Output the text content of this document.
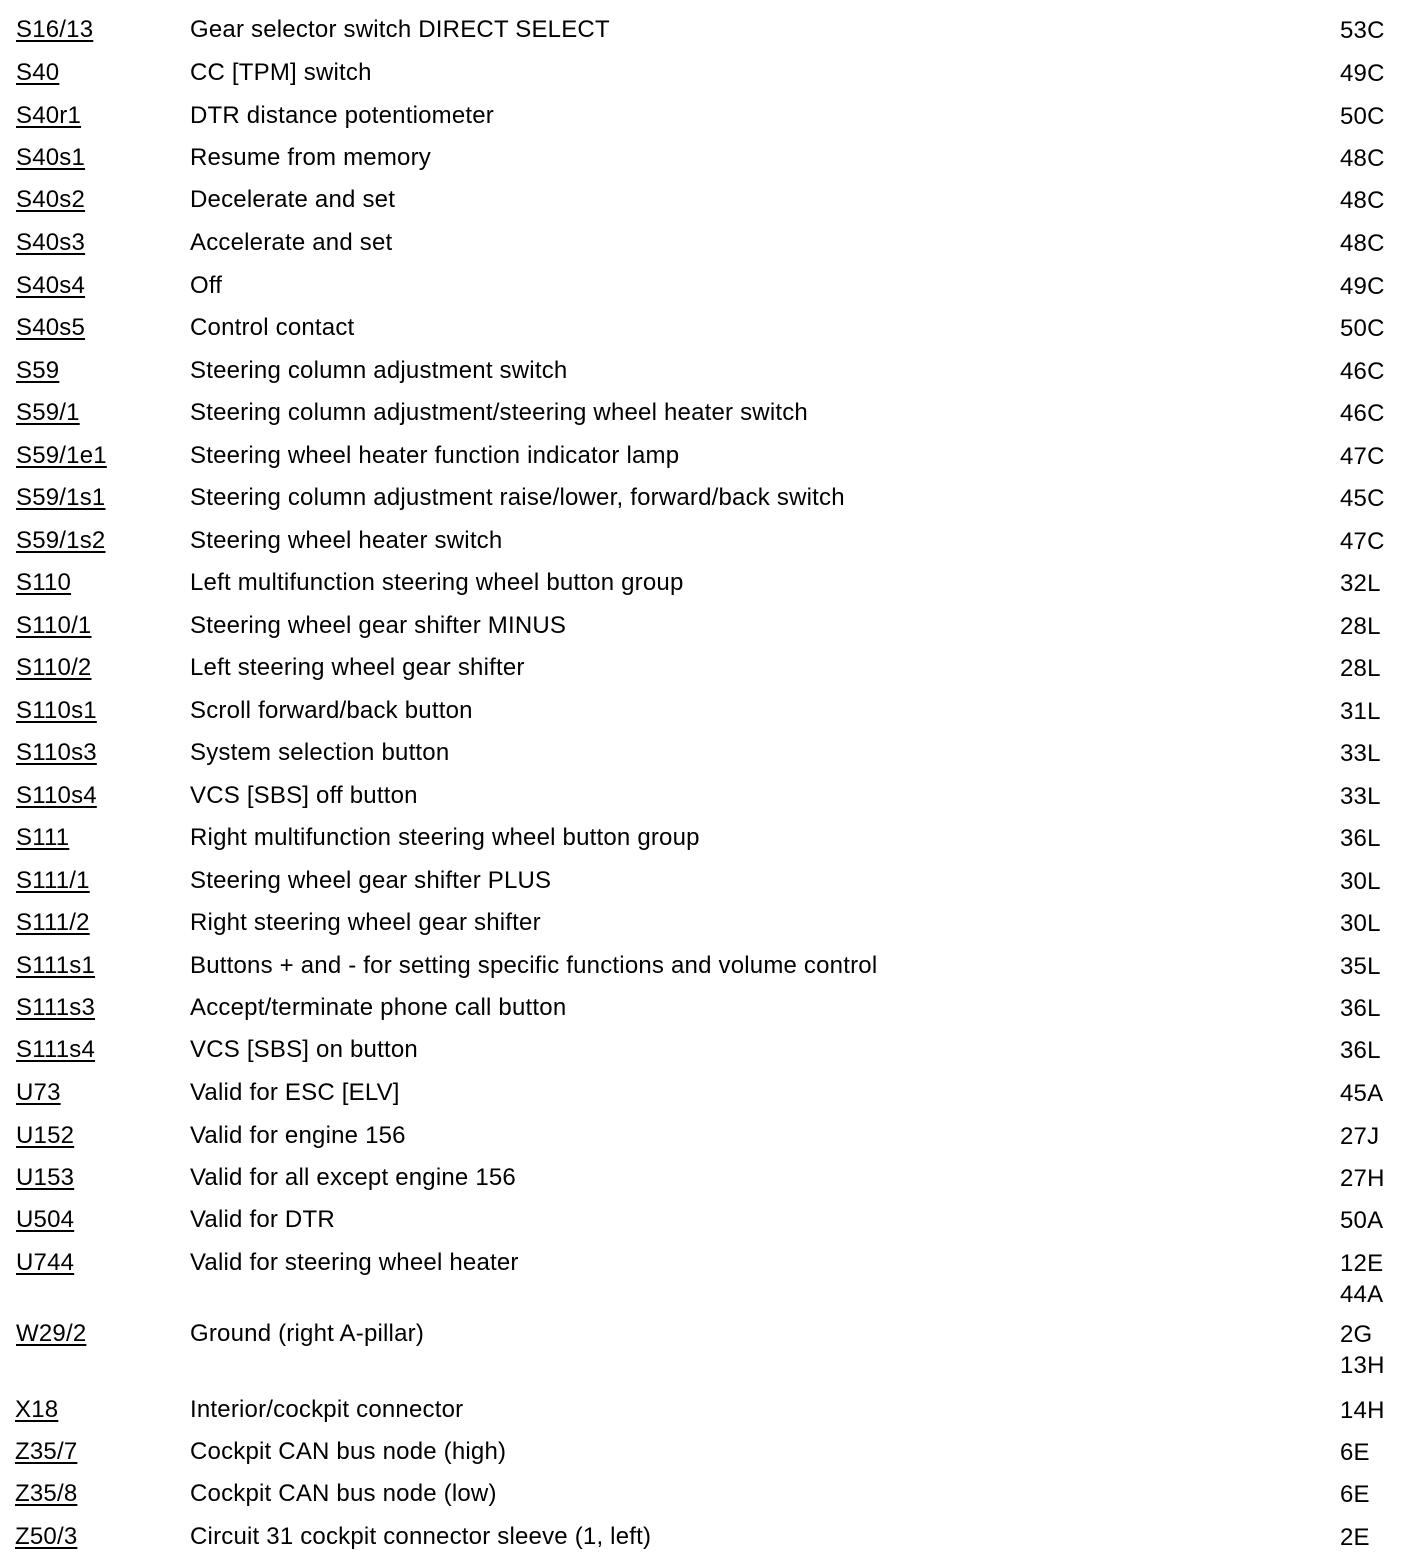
S16/13	Gear selector switch DIRECT SELECT	53C
S40	CC [TPM] switch	49C
S40r1	DTR distance potentiometer	50C
S40s1	Resume from memory	48C
S40s2	Decelerate and set	48C
S40s3	Accelerate and set	48C
S40s4	Off	49C
S40s5	Control contact	50C
S59	Steering column adjustment switch	46C
S59/1	Steering column adjustment/steering wheel heater switch	46C
S59/1e1	Steering wheel heater function indicator lamp	47C
S59/1s1	Steering column adjustment raise/lower, forward/back switch	45C
S59/1s2	Steering wheel heater switch	47C
S110	Left multifunction steering wheel button group	32L
S110/1	Steering wheel gear shifter MINUS	28L
S110/2	Left steering wheel gear shifter	28L
S110s1	Scroll forward/back button	31L
S110s3	System selection button	33L
S110s4	VCS [SBS] off button	33L
S111	Right multifunction steering wheel button group	36L
S111/1	Steering wheel gear shifter PLUS	30L
S111/2	Right steering wheel gear shifter	30L
S111s1	Buttons + and - for setting specific functions and volume control	35L
S111s3	Accept/terminate phone call button	36L
S111s4	VCS [SBS] on button	36L
U73	Valid for ESC [ELV]	45A
U152	Valid for engine 156	27J
U153	Valid for all except engine 156	27H
U504	Valid for DTR	50A
U744	Valid for steering wheel heater	12E
44A
W29/2	Ground (right A-pillar)	2G
13H
X18	Interior/cockpit connector	14H
Z35/7	Cockpit CAN bus node (high)	6E
Z35/8	Cockpit CAN bus node (low)	6E
Z50/3	Circuit 31 cockpit connector sleeve (1, left)	2E
